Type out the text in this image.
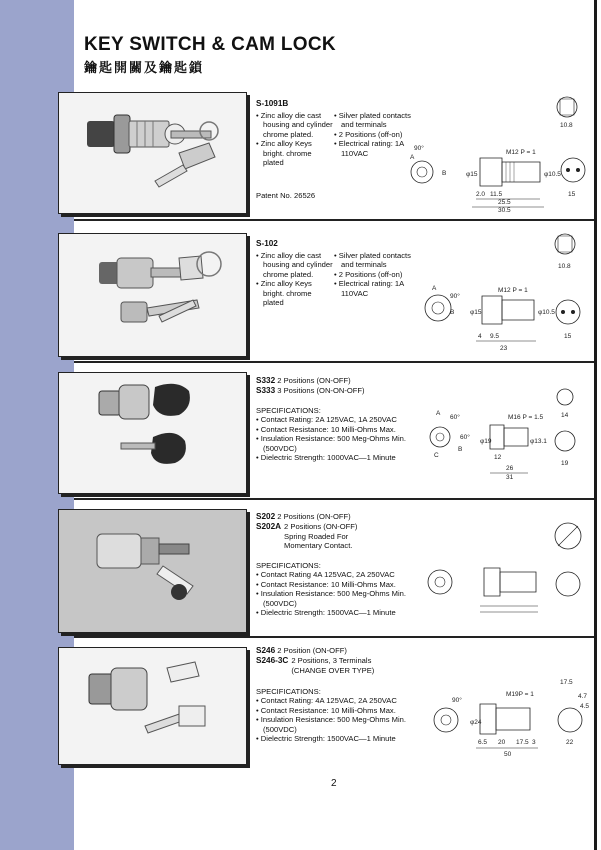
KEY SWITCH & CAM LOCK
鑰匙開關及鑰匙鎖
S-1091B
• Zinc alloy die cast housing and cylinder chrome plated.
• Zinc alloy Keys bright. chrome plated
• Silver plated contacts and terminals
• 2 Positions (off-on)
• Electrical rating: 1A 110VAC
Patent No. 26526
10.8
90°
A
B
M12 P = 1
φ15	φ10.5
2.0 11.5
25.5
30.5
15
S-102
• Zinc alloy die cast housing and cylinder chrome plated.
• Zinc alloy Keys bright. chrome plated
• Silver plated contacts and terminals
• 2 Positions (off-on)
• Electrical rating: 1A 110VAC
10.8
A
90°
B
M12 P = 1
φ15	φ10.5
4 9.5
23
15
S332 2 Positions (ON-OFF)
S333 3 Positions (ON-ON-OFF)
SPECIFICATIONS:
• Contact Rating: 2A 125VAC, 1A 250VAC
• Contact Resistance: 10 Milli-Ohms Max.
• Insulation Resistance: 500 Meg-Ohms Min. (500VDC)
• Dielectric Strength: 1000VAC—1 Minute
A
60°
60°
B
C
M16 P = 1.5
φ19	φ13.1
12
26
31
14
19
S202 2 Positions (ON-OFF)
S202A 2 Positions (ON-OFF) Spring Roaded For Momentary Contact.
SPECIFICATIONS:
• Contact Rating 4A 125VAC, 2A 250VAC
• Contact Resistance: 10 Milli-Ohms Max.
• Insulation Resistance: 500 Meg-Ohms Min. (500VDC)
• Dielectric Strength: 1500VAC—1 Minute
S246 2 Position (ON-OFF)
S246-3C 2 Positions, 3 Terminals (CHANGE OVER TYPE)
SPECIFICATIONS:
• Contact Rating: 4A 125VAC, 2A 250VAC
• Contact Resistance: 10 Milli-Ohms Max.
• Insulation Resistance: 500 Meg-Ohms Min. (500VDC)
• Dielectric Strength: 1500VAC—1 Minute
90°
M19P = 1
17.5
φ24
6.5 20 17.5 3
50
22
4.7
4.5
2
